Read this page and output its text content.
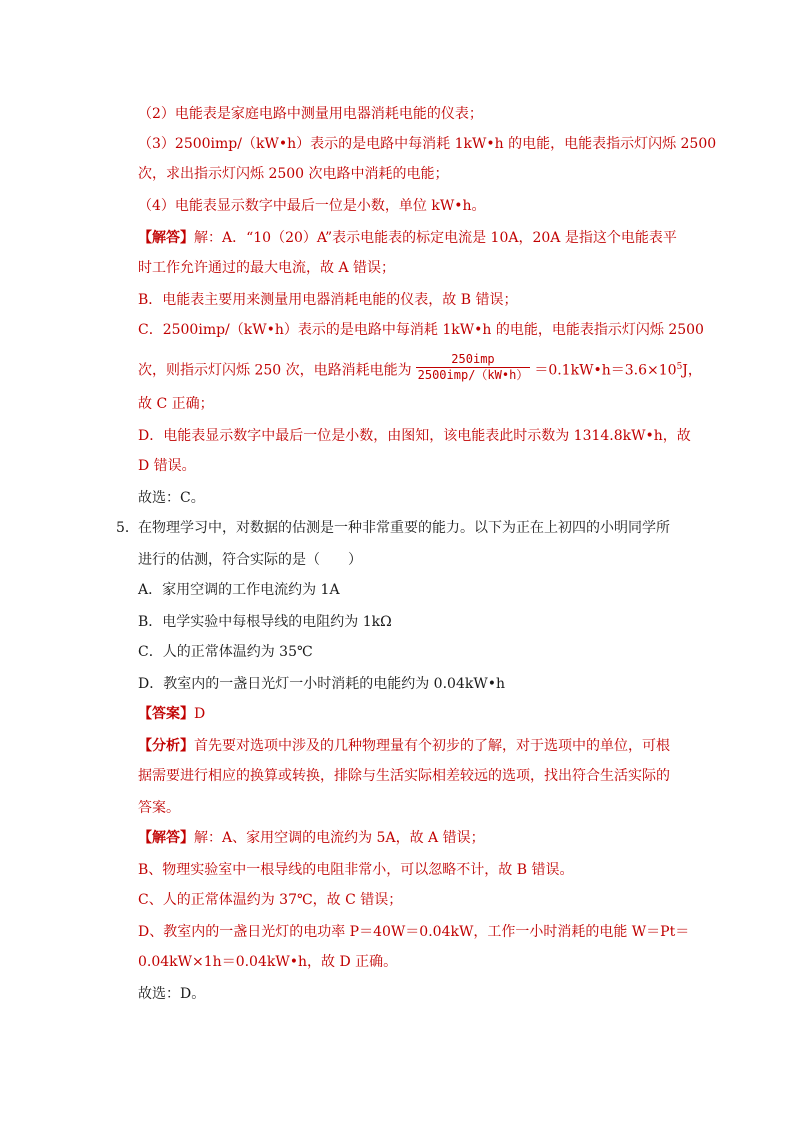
（2）电能表是家庭电路中测量用电器消耗电能的仪表；
（3）2500imp/（kW•h）表示的是电路中每消耗 1kW•h 的电能，电能表指示灯闪烁 2500
次，求出指示灯闪烁 2500 次电路中消耗的电能；
（4）电能表显示数字中最后一位是小数，单位 kW•h。
【解答】解：A．“10（20）A”表示电能表的标定电流是 10A，20A 是指这个电能表平
时工作允许通过的最大电流，故 A 错误；
B．电能表主要用来测量用电器消耗电能的仪表，故 B 错误；
C．2500imp/（kW•h）表示的是电路中每消耗 1kW•h 的电能，电能表指示灯闪烁 2500
次，则指示灯闪烁 250 次，电路消耗电能为 $\frac{\text{250imp}}{\text{2500imp/（kW•h）}}$ $=0.1kW•h=3.6\times 10^5J$，
故 C 正确；
D．电能表显示数字中最后一位是小数，由图知，该电能表此时示数为 1314.8kW•h，故
D 错误。
故选：C。
5． 在物理学习中，对数据的估测是一种非常重要的能力。以下为正在上初四的小明同学所
进行的估测，符合实际的是（　　）
A．家用空调的工作电流约为 1A
B．电学实验中每根导线的电阻约为 1kΩ
C．人的正常体温约为 35℃
D．教室内的一盏日光灯一小时消耗的电能约为 0.04kW•h
【答案】D
【分析】首先要对选项中涉及的几种物理量有个初步的了解，对于选项中的单位，可根
据需要进行相应的换算或转换，排除与生活实际相差较远的选项，找出符合生活实际的
答案。
【解答】解：A、家用空调的电流约为 5A，故 A 错误；
B、物理实验室中一根导线的电阻非常小，可以忽略不计，故 B 错误。
C、人的正常体温约为 37℃，故 C 错误；
D、教室内的一盏日光灯的电功率 P＝40W＝0.04kW，工作一小时消耗的电能 W＝Pt＝
0.04kW×1h＝0.04kW•h，故 D 正确。
故选：D。
